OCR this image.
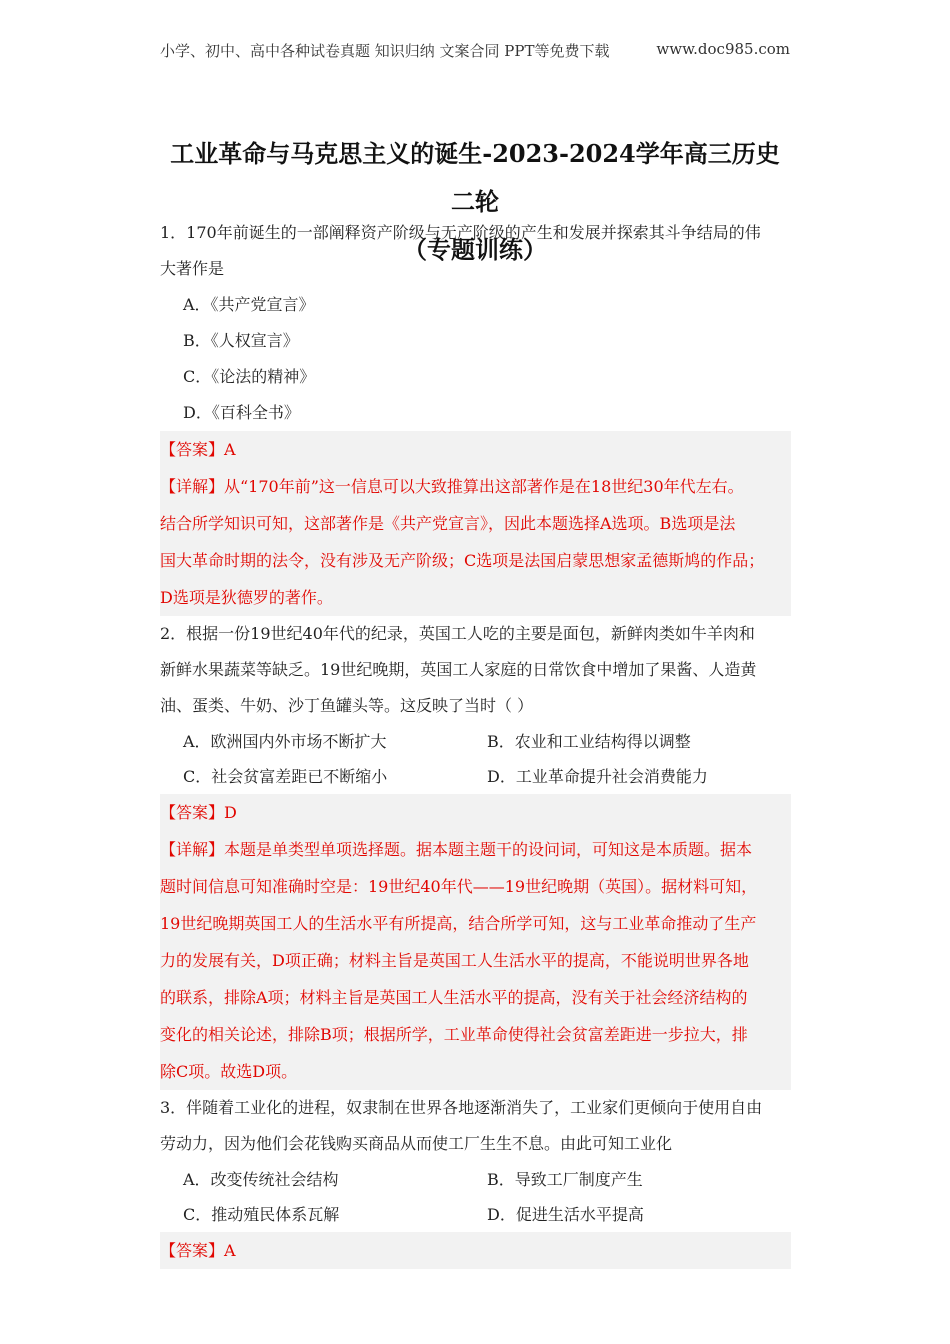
小学、初中、高中各种试卷真题 知识归纳 文案合同 PPT等免费下载	www.doc985.com
工业革命与马克思主义的诞生-2023-2024学年高三历史二轮
（专题训练）
1．170年前诞生的一部阐释资产阶级与无产阶级的产生和发展并探索其斗争结局的伟
大著作是
A．《共产党宣言》
B．《人权宣言》
C．《论法的精神》
D．《百科全书》
【答案】A
【详解】从“170年前”这一信息可以大致推算出这部著作是在18世纪30年代左右。
结合所学知识可知，这部著作是《共产党宣言》，因此本题选择A选项。B选项是法
国大革命时期的法令，没有涉及无产阶级；C选项是法国启蒙思想家孟德斯鸠的作品；
D选项是狄德罗的著作。
2．根据一份19世纪40年代的纪录，英国工人吃的主要是面包，新鲜肉类如牛羊肉和
新鲜水果蔬菜等缺乏。19世纪晚期，英国工人家庭的日常饮食中增加了果酱、人造黄
油、蛋类、牛奶、沙丁鱼罐头等。这反映了当时（ ）
A．欧洲国内外市场不断扩大	B．农业和工业结构得以调整
C．社会贫富差距已不断缩小	D．工业革命提升社会消费能力
【答案】D
【详解】本题是单类型单项选择题。据本题主题干的设问词，可知这是本质题。据本
题时间信息可知准确时空是：19世纪40年代——19世纪晚期（英国）。据材料可知，
19世纪晚期英国工人的生活水平有所提高，结合所学可知，这与工业革命推动了生产
力的发展有关，D项正确；材料主旨是英国工人生活水平的提高，不能说明世界各地
的联系，排除A项；材料主旨是英国工人生活水平的提高，没有关于社会经济结构的
变化的相关论述，排除B项；根据所学，工业革命使得社会贫富差距进一步拉大，排
除C项。故选D项。
3．伴随着工业化的进程，奴隶制在世界各地逐渐消失了，工业家们更倾向于使用自由
劳动力，因为他们会花钱购买商品从而使工厂生生不息。由此可知工业化
A．改变传统社会结构	B．导致工厂制度产生
C．推动殖民体系瓦解	D．促进生活水平提高
【答案】A
